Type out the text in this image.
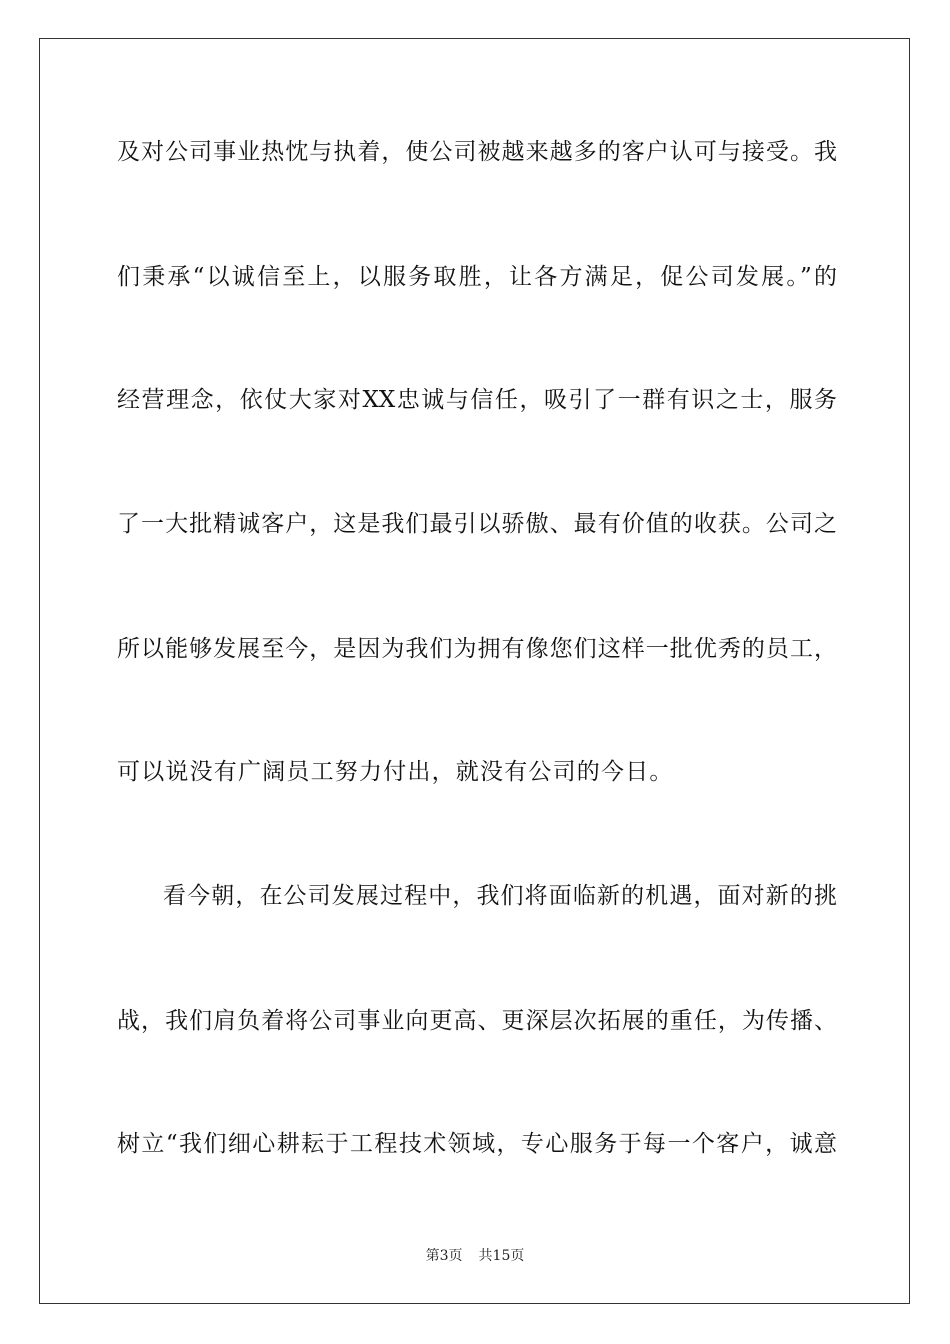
及对公司事业热忱与执着，使公司被越来越多的客户认可与接受。我
们秉承“以诚信至上，以服务取胜，让各方满足，促公司发展。”的
经营理念，依仗大家对XX忠诚与信任，吸引了一群有识之士，服务
了一大批精诚客户，这是我们最引以骄傲、最有价值的收获。公司之
所以能够发展至今，是因为我们为拥有像您们这样一批优秀的员工，
可以说没有广阔员工努力付出，就没有公司的今日。
看今朝，在公司发展过程中，我们将面临新的机遇，面对新的挑
战，我们肩负着将公司事业向更高、更深层次拓展的重任，为传播、
树立“我们细心耕耘于工程技术领域，专心服务于每一个客户，诚意
第3页 共15页
